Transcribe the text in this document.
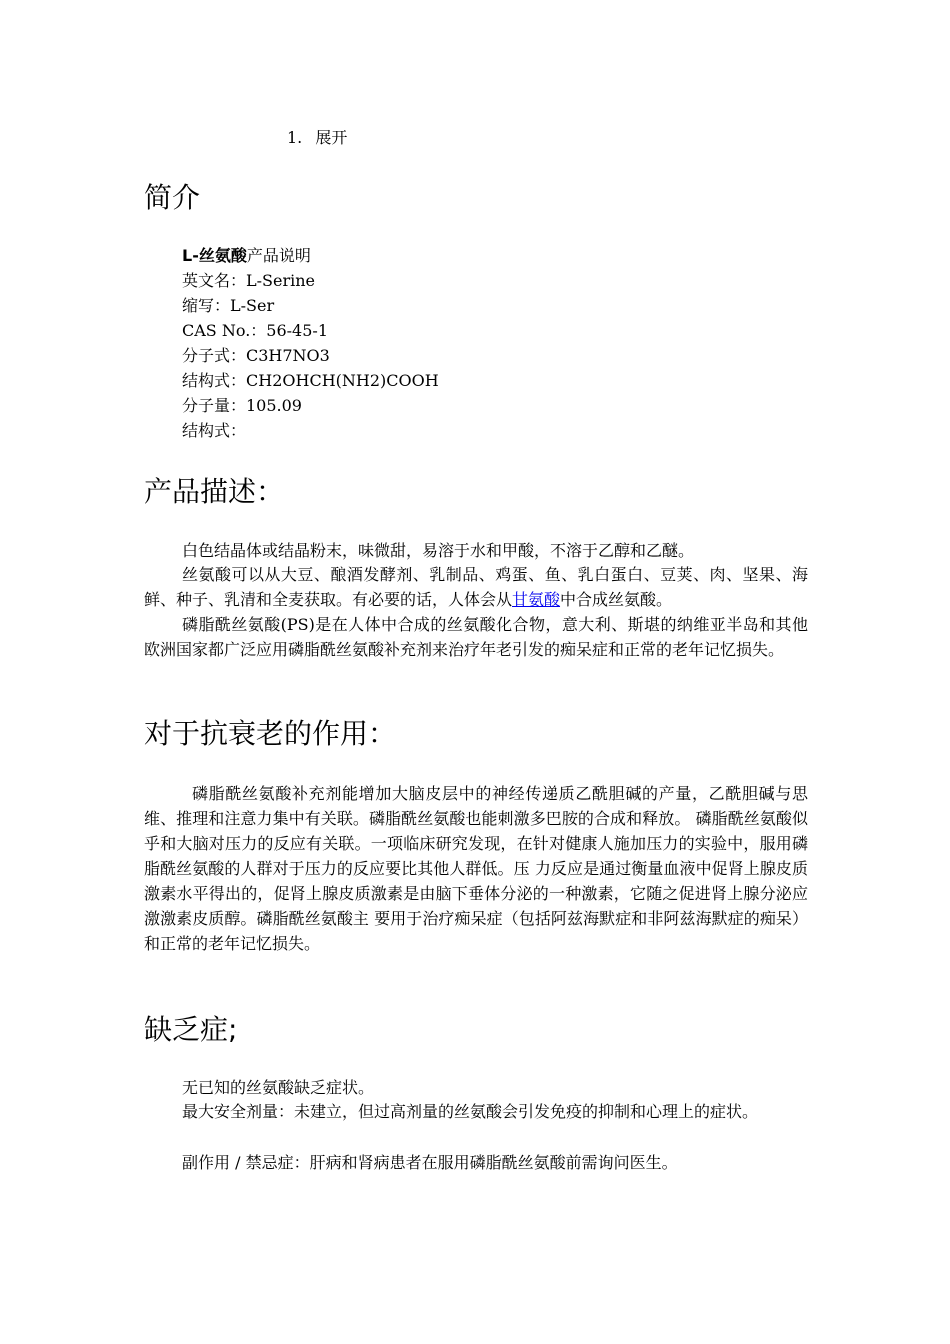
1. 展开
简介
L-丝氨酸产品说明
英文名：L-Serine
缩写：L-Ser
CAS No.：56-45-1
分子式：C3H7NO3
结构式：CH2OHCH(NH2)COOH
分子量：105.09
结构式：
产品描述：

白色结晶体或结晶粉末，味微甜，易溶于水和甲酸，不溶于乙醇和乙醚。

丝氨酸可以从大豆、酿酒发酵剂、乳制品、鸡蛋、鱼、乳白蛋白、豆荚、肉、坚果、海鲜、种子、乳清和全麦获取。有必要的话，人体会从甘氨酸中合成丝氨酸。

磷脂酰丝氨酸(PS)是在人体中合成的丝氨酸化合物，意大利、斯堪的纳维亚半岛和其他欧洲国家都广泛应用磷脂酰丝氨酸补充剂来治疗年老引发的痴呆症和正常的老年记忆损失。

对于抗衰老的作用：

磷脂酰丝氨酸补充剂能增加大脑皮层中的神经传递质乙酰胆碱的产量，乙酰胆碱与思维、推理和注意力集中有关联。磷脂酰丝氨酸也能刺激多巴胺的合成和释放。 磷脂酰丝氨酸似乎和大脑对压力的反应有关联。一项临床研究发现，在针对健康人施加压力的实验中，服用磷脂酰丝氨酸的人群对于压力的反应要比其他人群低。压 力反应是通过衡量血液中促肾上腺皮质激素水平得出的，促肾上腺皮质激素是由脑下垂体分泌的一种激素，它随之促进肾上腺分泌应激激素皮质醇。磷脂酰丝氨酸主 要用于治疗痴呆症（包括阿兹海默症和非阿兹海默症的痴呆）和正常的老年记忆损失。

缺乏症;

无已知的丝氨酸缺乏症状。

最大安全剂量：未建立，但过高剂量的丝氨酸会引发免疫的抑制和心理上的症状。

副作用 / 禁忌症：肝病和肾病患者在服用磷脂酰丝氨酸前需询问医生。
